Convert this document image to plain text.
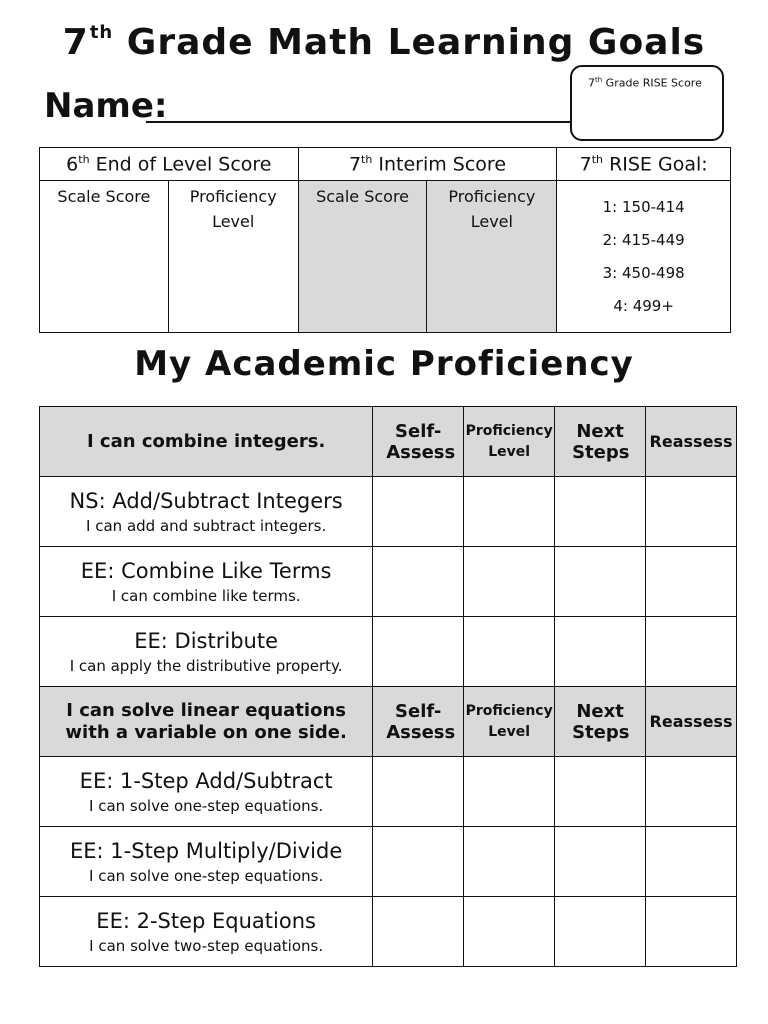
7th Grade Math Learning Goals
Name:
7th Grade RISE Score
6th End of Level Score		7th Interim Score		7th RISE Goal:
Scale Score	Proficiency Level	Scale Score	Proficiency Level	1: 150-414
2: 415-449
3: 450-498
4: 499+
My Academic Proficiency
I can combine integers.	Self-Assess	Proficiency Level	Next Steps	Reassess

NS: Add/Subtract Integers
I can add and subtract integers.				

EE: Combine Like Terms
I can combine like terms.				

EE: Distribute
I can apply the distributive property.				

I can solve linear equations with a variable on one side.	Self-Assess	Proficiency Level	Next Steps	Reassess

EE: 1-Step Add/Subtract
I can solve one-step equations.				

EE: 1-Step Multiply/Divide
I can solve one-step equations.				

EE: 2-Step Equations
I can solve two-step equations.				
